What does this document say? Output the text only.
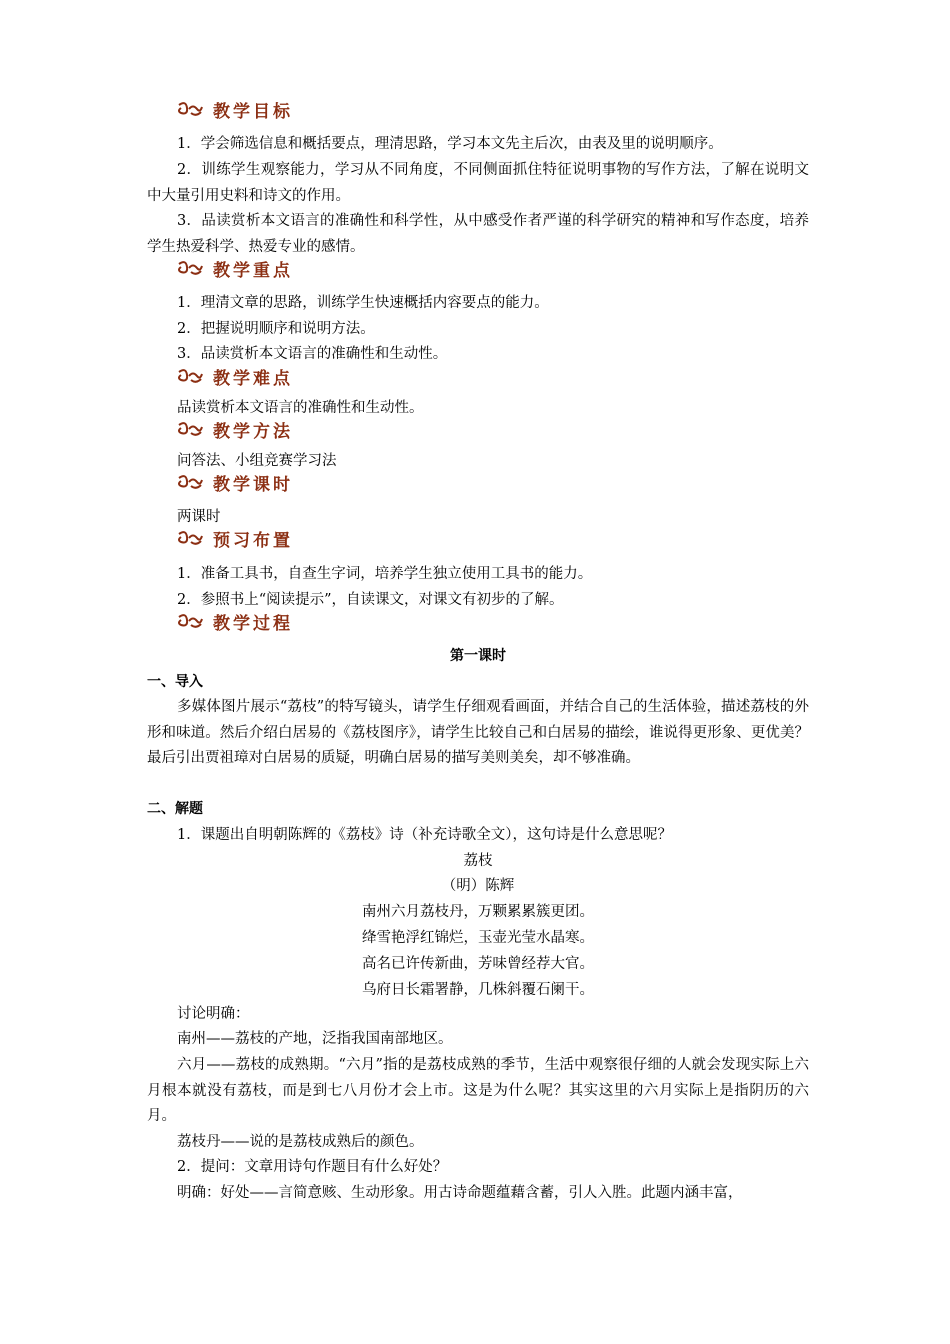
教学目标
1．学会筛选信息和概括要点，理清思路，学习本文先主后次，由表及里的说明顺序。
2．训练学生观察能力，学习从不同角度，不同侧面抓住特征说明事物的写作方法，了解在说明文中大量引用史料和诗文的作用。
3．品读赏析本文语言的准确性和科学性，从中感受作者严谨的科学研究的精神和写作态度，培养学生热爱科学、热爱专业的感情。
教学重点
1．理清文章的思路，训练学生快速概括内容要点的能力。
2．把握说明顺序和说明方法。
3．品读赏析本文语言的准确性和生动性。
教学难点
品读赏析本文语言的准确性和生动性。
教学方法
问答法、小组竞赛学习法
教学课时
两课时
预习布置
1．准备工具书，自查生字词，培养学生独立使用工具书的能力。
2．参照书上“阅读提示”，自读课文，对课文有初步的了解。
教学过程
第一课时
一、导入
多媒体图片展示“荔枝”的特写镜头，请学生仔细观看画面，并结合自己的生活体验，描述荔枝的外形和味道。然后介绍白居易的《荔枝图序》，请学生比较自己和白居易的描绘，谁说得更形象、更优美？最后引出贾祖璋对白居易的质疑，明确白居易的描写美则美矣，却不够准确。
二、解题
1．课题出自明朝陈辉的《荔枝》诗（补充诗歌全文），这句诗是什么意思呢？
荔枝
（明）陈辉
南州六月荔枝丹，万颗累累簇更团。
绛雪艳浮红锦烂，玉壶光莹水晶寒。
高名已许传新曲，芳味曾经荐大官。
乌府日长霜署静，几株斜覆石阑干。
讨论明确：
南州——荔枝的产地，泛指我国南部地区。
六月——荔枝的成熟期。“六月”指的是荔枝成熟的季节，生活中观察很仔细的人就会发现实际上六月根本就没有荔枝，而是到七八月份才会上市。这是为什么呢？其实这里的六月实际上是指阴历的六月。
荔枝丹——说的是荔枝成熟后的颜色。
2．提问：文章用诗句作题目有什么好处？
明确：好处——言简意赅、生动形象。用古诗命题蕴藉含蓄，引人入胜。此题内涵丰富，
